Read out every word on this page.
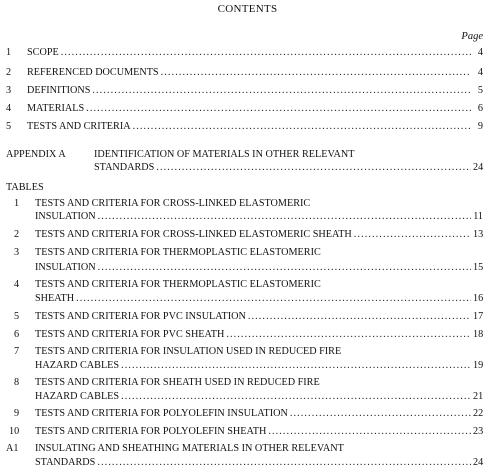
CONTENTS
Page
1 SCOPE .....	4
2 REFERENCED DOCUMENTS .....	4
3 DEFINITIONS .....	5
4 MATERIALS .....	6
5 TESTS AND CRITERIA .....	9
APPENDIX A	IDENTIFICATION OF MATERIALS IN OTHER RELEVANT
STANDARDS .....	24
TABLES
1 TESTS AND CRITERIA FOR CROSS-LINKED ELASTOMERIC
INSULATION .....	11
2 TESTS AND CRITERIA FOR CROSS-LINKED ELASTOMERIC SHEATH .....	13
3 TESTS AND CRITERIA FOR THERMOPLASTIC ELASTOMERIC
INSULATION .....	15
4 TESTS AND CRITERIA FOR THERMOPLASTIC ELASTOMERIC
SHEATH .....	16
5 TESTS AND CRITERIA FOR PVC INSULATION .....	17
6 TESTS AND CRITERIA FOR PVC SHEATH .....	18
7 TESTS AND CRITERIA FOR INSULATION USED IN REDUCED FIRE
HAZARD CABLES .....	19
8 TESTS AND CRITERIA FOR SHEATH USED IN REDUCED FIRE
HAZARD CABLES .....	21
9 TESTS AND CRITERIA FOR POLYOLEFIN INSULATION .....	22
10 TESTS AND CRITERIA FOR POLYOLEFIN SHEATH .....	23
A1 INSULATING AND SHEATHING MATERIALS IN OTHER RELEVANT
STANDARDS .....	24
